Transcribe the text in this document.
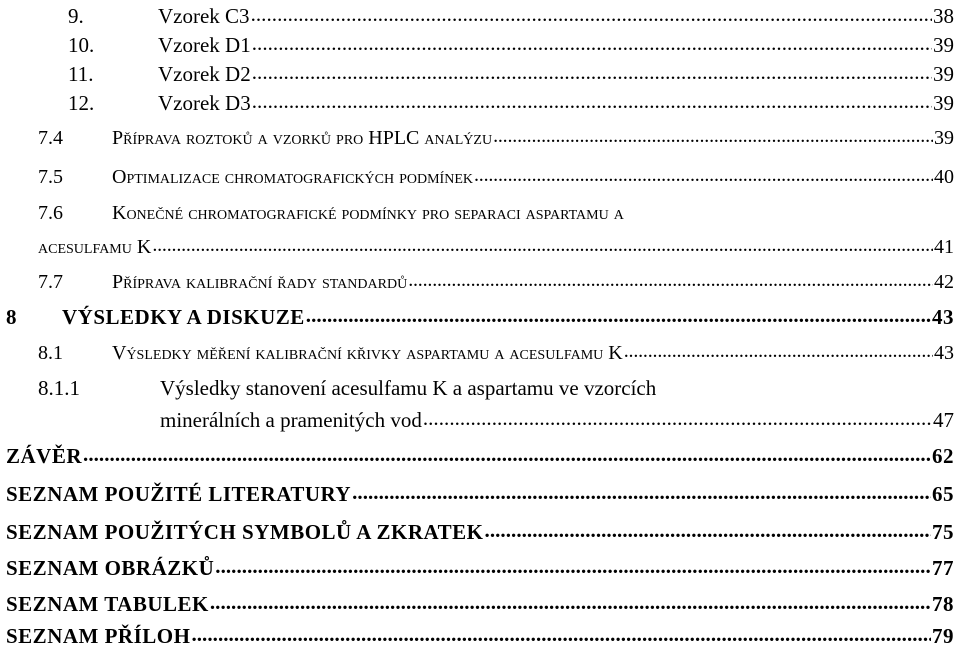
9.	Vzorek C3 . . .	38
10.	Vzorek D1 . . .	39
11.	Vzorek D2 . . .	39
12.	Vzorek D3 . . .	39
7.4	Příprava roztoků a vzorků pro HPLC analýzu . . .	39
7.5	Optimalizace chromatografických podmínek . . .	40
7.6	Konečné chromatografické podmínky pro separaci aspartamu a
acesulfamu K . . .	41
7.7	Příprava kalibrační řady standardů . . .	42
8	VÝSLEDKY A DISKUZE . . .	43
8.1	Výsledky měření kalibrační křivky aspartamu a acesulfamu K . . .	43
8.1.1	Výsledky stanovení acesulfamu K a aspartamu ve vzorcích
minerálních a pramenitých vod . . .	47
ZÁVĚR . . .	62
SEZNAM POUŽITÉ LITERATURY . . .	65
SEZNAM POUŽITÝCH SYMBOLŮ A ZKRATEK . . .	75
SEZNAM OBRÁZKŮ . . .	77
SEZNAM TABULEK . . .	78
SEZNAM PŘÍLOH . . .	79
